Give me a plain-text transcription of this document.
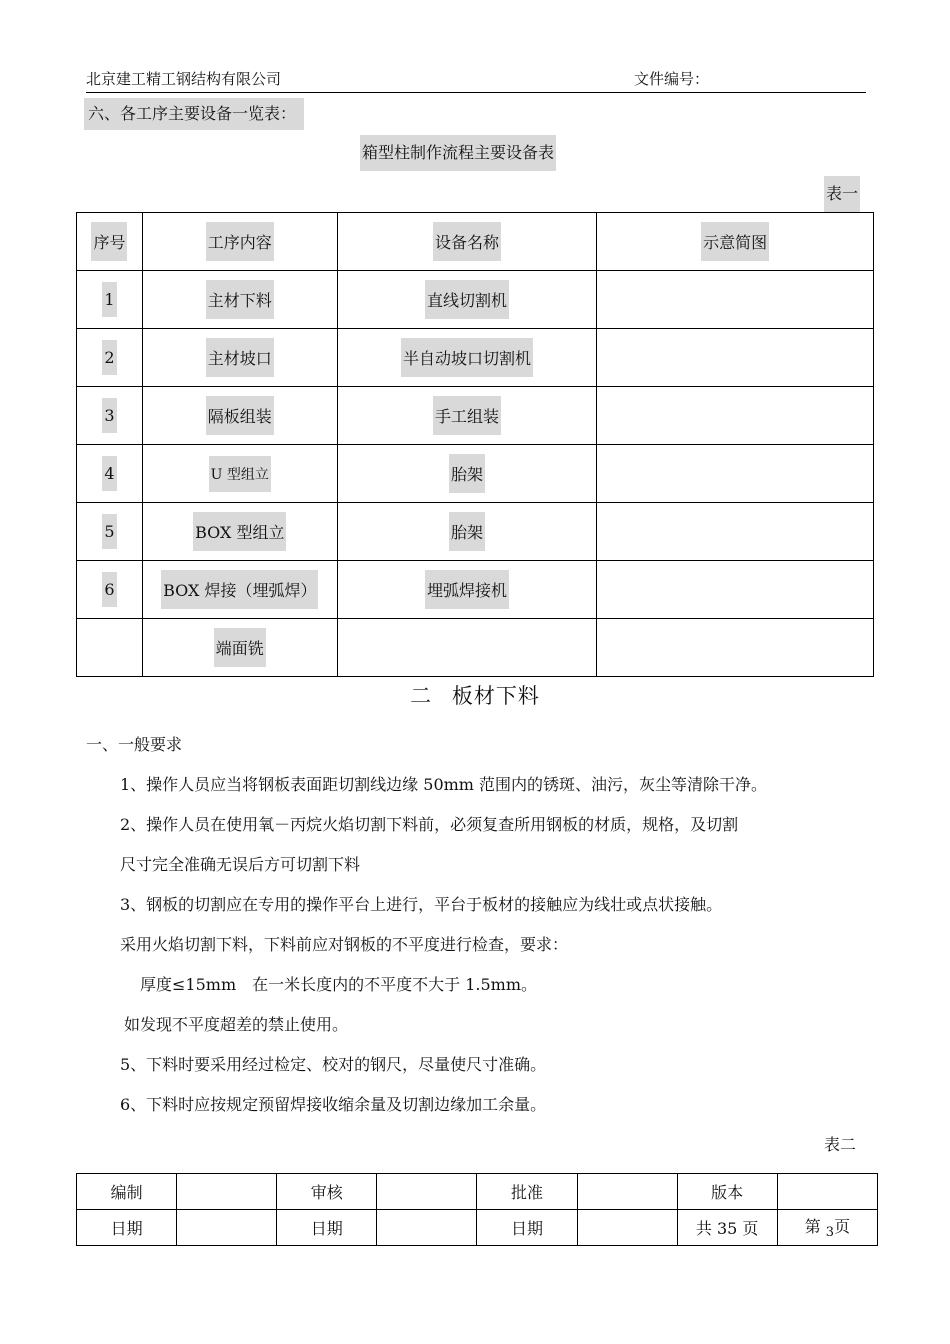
北京建工精工钢结构有限公司	文件编号：
六、各工序主要设备一览表：
箱型柱制作流程主要设备表
表一
序号	工序内容	设备名称	示意简图
1	主材下料	直线切割机	
2	主材坡口	半自动坡口切割机	
3	隔板组装	手工组装	
4	U 型组立	胎架	
5	BOX 型组立	胎架	
6	BOX 焊接（埋弧焊）	埋弧焊接机	
	端面铣		
二 板材下料
一、一般要求
1、操作人员应当将钢板表面距切割线边缘 50mm 范围内的锈斑、油污，灰尘等清除干净。
2、操作人员在使用氧－丙烷火焰切割下料前，必须复查所用钢板的材质，规格，及切割
尺寸完全准确无误后方可切割下料
3、钢板的切割应在专用的操作平台上进行，平台于板材的接触应为线壮或点状接触。
采用火焰切割下料，下料前应对钢板的不平度进行检查，要求：
厚度≤15mm　在一米长度内的不平度不大于 1.5mm。
如发现不平度超差的禁止使用。
5、下料时要采用经过检定、校对的钢尺，尽量使尺寸准确。
6、下料时应按规定预留焊接收缩余量及切割边缘加工余量。
表二
编制		审核		批准		版本	
日期		日期		日期		共 35 页	第 $_3$页
